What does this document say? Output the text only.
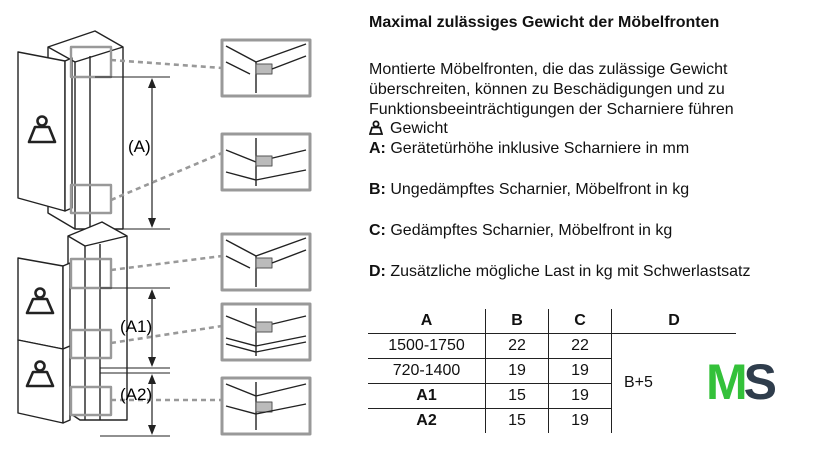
(A)
(A1)
(A2)
Maximal zulässiges Gewicht der Möbelfronten
Montierte Möbelfronten, die das zulässige Gewicht
überschreiten, können zu Beschädigungen und zu
Funktionsbeeinträchtigungen der Scharniere führen
Gewicht
A: Gerätetürhöhe inklusive Scharniere in mm
B: Ungedämpftes Scharnier, Möbelfront in kg
C: Gedämpftes Scharnier, Möbelfront in kg
D: Zusätzliche mögliche Last in kg mit Schwerlastsatz
A	B	C	D
1500-1750	22	22	B+5
720-1400	19	19	
A1	15	19	
A2	15	19	
MS
